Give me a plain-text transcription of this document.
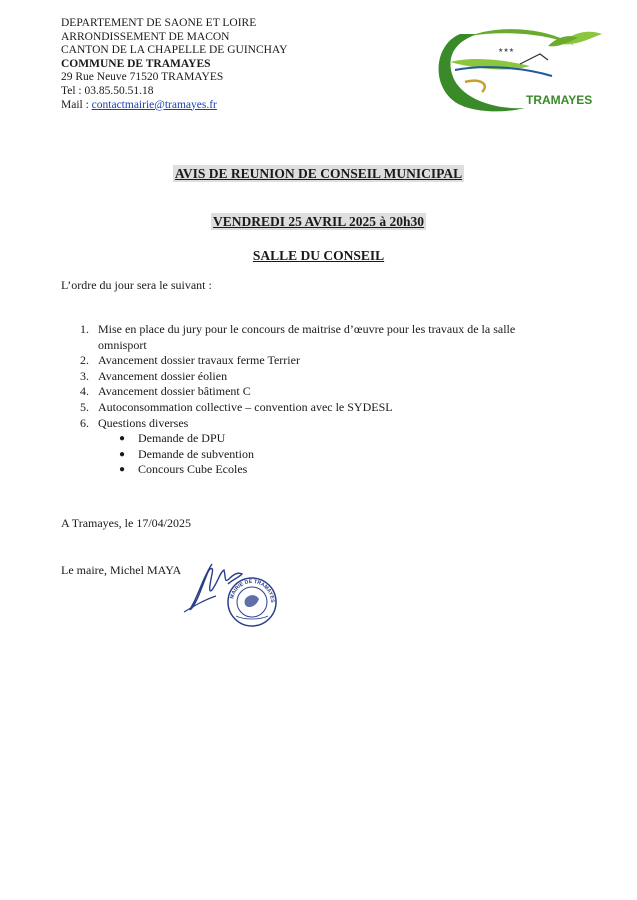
DEPARTEMENT DE SAONE ET LOIRE
ARRONDISSEMENT DE MACON
CANTON DE LA CHAPELLE DE GUINCHAY
COMMUNE DE TRAMAYES
29 Rue Neuve 71520 TRAMAYES
Tel : 03.85.50.51.18
Mail : contactmairie@tramayes.fr
★★★
TRAMAYES
AVIS DE REUNION DE CONSEIL MUNICIPAL
VENDREDI 25 AVRIL 2025 à 20h30
SALLE DU CONSEIL
L’ordre du jour sera le suivant :
1. Mise en place du jury pour le concours de maitrise d’œuvre pour les travaux de la salle
omnisport
2. Avancement dossier travaux ferme Terrier
3. Avancement dossier éolien
4. Avancement dossier bâtiment C
5. Autoconsommation collective – convention avec le SYDESL
6. Questions diverses
●	Demande de DPU
●	Demande de subvention
●	Concours Cube Ecoles
A Tramayes, le 17/04/2025
Le maire, Michel MAYA
MAIRIE DE TRAMAYES
